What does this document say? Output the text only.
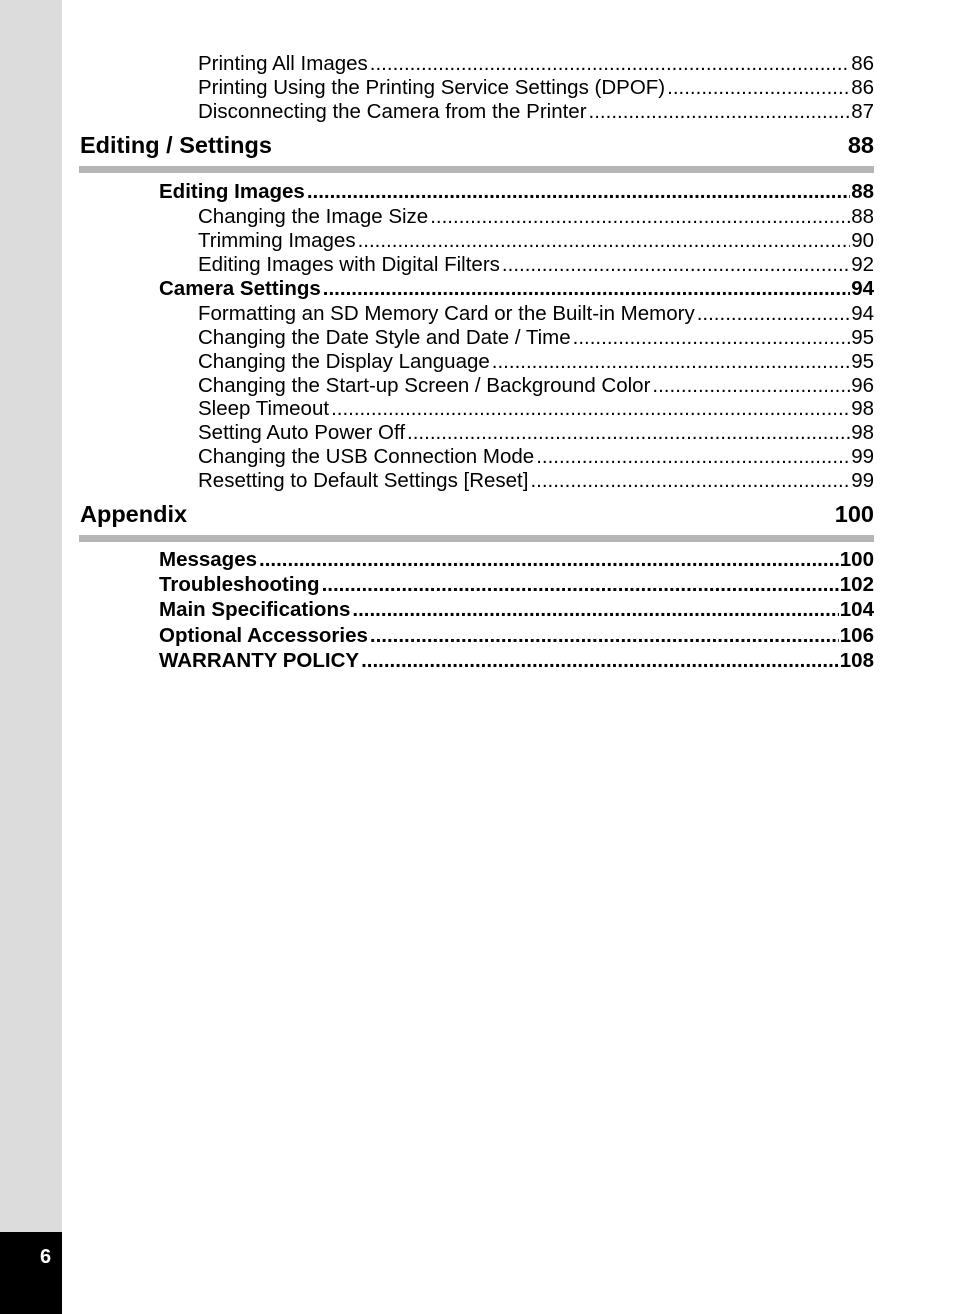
6
Printing All Images .....	86
Printing Using the Printing Service Settings (DPOF) .....	86
Disconnecting the Camera from the Printer .....	87
Editing / Settings	88
Editing Images .....	88
Changing the Image Size .....	88
Trimming Images .....	90
Editing Images with Digital Filters .....	92
Camera Settings .....	94
Formatting an SD Memory Card or the Built-in Memory .....	94
Changing the Date Style and Date / Time .....	95
Changing the Display Language .....	95
Changing the Start-up Screen / Background Color .....	96
Sleep Timeout .....	98
Setting Auto Power Off .....	98
Changing the USB Connection Mode .....	99
Resetting to Default Settings [Reset] .....	99
Appendix	100
Messages .....	100
Troubleshooting .....	102
Main Specifications .....	104
Optional Accessories .....	106
WARRANTY POLICY .....	108
